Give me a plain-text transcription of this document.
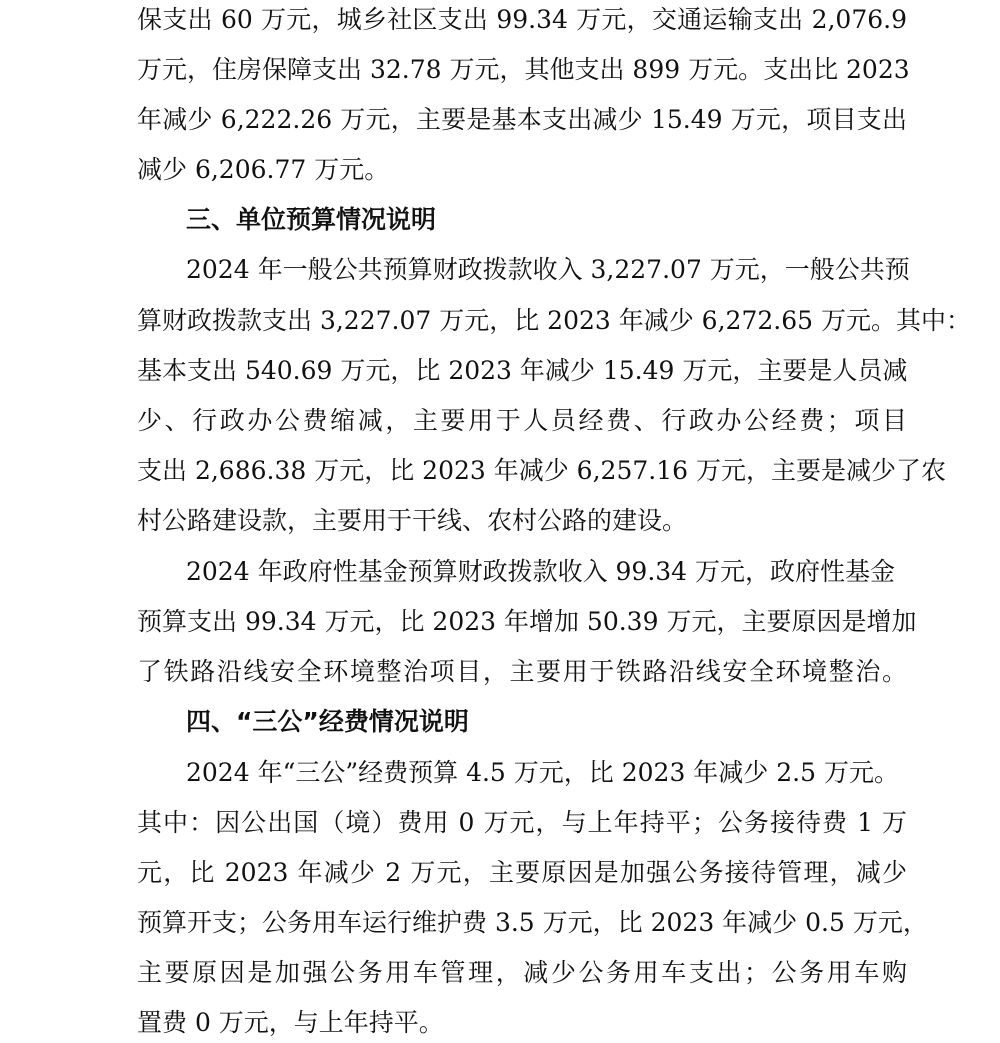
保支出 60 万元，城乡社区支出 99.34 万元，交通运输支出 2,076.9
万元，住房保障支出 32.78 万元，其他支出 899 万元。支出比 2023
年减少 6,222.26 万元，主要是基本支出减少 15.49 万元，项目支出
减少 6,206.77 万元。
三、单位预算情况说明
2024 年一般公共预算财政拨款收入 3,227.07 万元，一般公共预
算财政拨款支出 3,227.07 万元，比 2023 年减少 6,272.65 万元。其中：
基本支出 540.69 万元，比 2023 年减少 15.49 万元，主要是人员减
少、行政办公费缩减，主要用于人员经费、行政办公经费；项目
支出 2,686.38 万元，比 2023 年减少 6,257.16 万元，主要是减少了农
村公路建设款，主要用于干线、农村公路的建设。
2024 年政府性基金预算财政拨款收入 99.34 万元，政府性基金
预算支出 99.34 万元，比 2023 年增加 50.39 万元，主要原因是增加
了铁路沿线安全环境整治项目，主要用于铁路沿线安全环境整治。
四、“三公”经费情况说明
2024 年“三公”经费预算 4.5 万元，比 2023 年减少 2.5 万元。
其中：因公出国（境）费用 0 万元，与上年持平；公务接待费 1 万
元，比 2023 年减少 2 万元，主要原因是加强公务接待管理，减少
预算开支；公务用车运行维护费 3.5 万元，比 2023 年减少 0.5 万元，
主要原因是加强公务用车管理，减少公务用车支出；公务用车购
置费 0 万元，与上年持平。
